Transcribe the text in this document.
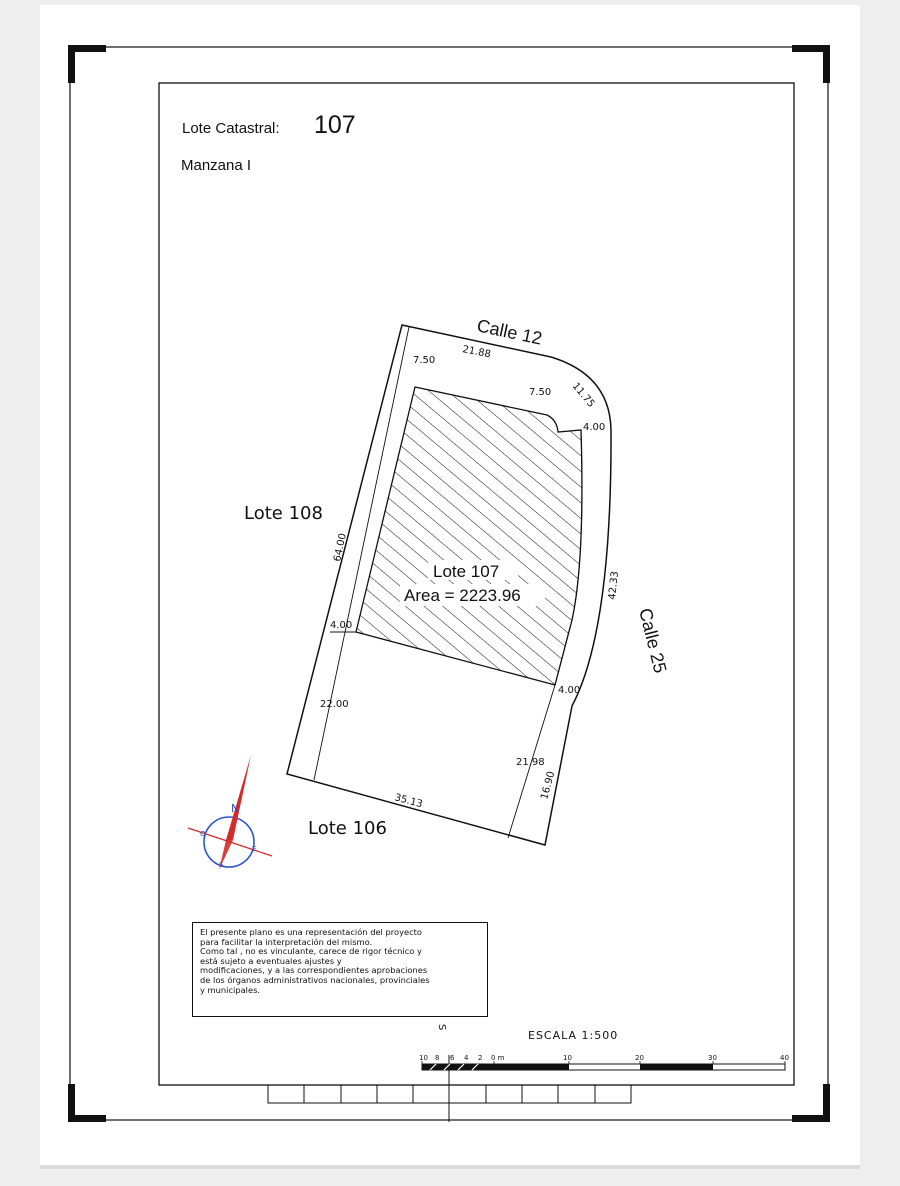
Lote Catastral: 107
Manzana I
Lote 107
Area = 2223.96
Lote 108
Lote 106
Calle 12
Calle 25
7.50
21.88
7.50 11.75
4.00
64.00
42.33
4.00
4.00
22.00
21.98
16.90
35.13
N
S
E
O
S
ESCALA 1:500
10 8 6 4 2 0 m	10	20	30	40
El presente plano es una representación del proyecto
para facilitar la interpretación del mismo.
Como tal , no es vinculante, carece de rigor técnico y
está sujeto a eventuales ajustes y
modificaciones, y a las correspondientes aprobaciones
de los órganos administrativos nacionales, provinciales
y municipales.
